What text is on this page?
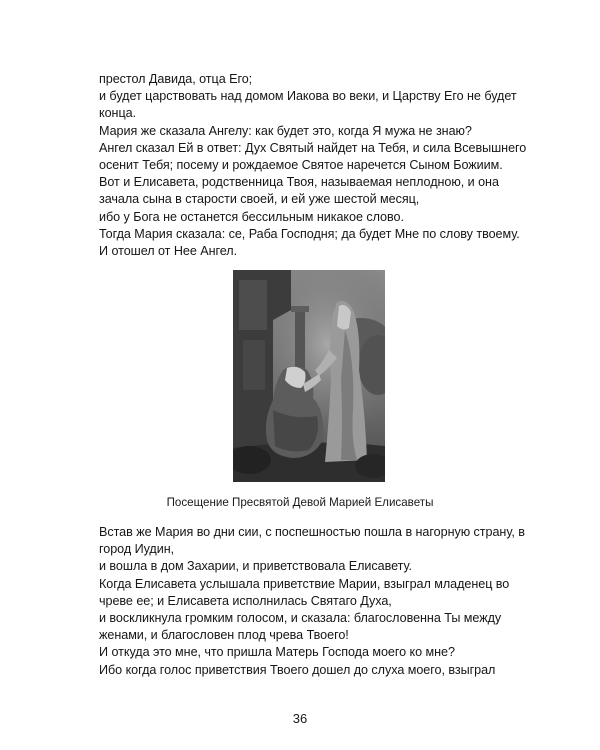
престол Давида, отца Его;
и будет царствовать над домом Иакова во веки, и Царству Его не будет
конца.
Мария же сказала Ангелу: как будет это, когда Я мужа не знаю?
Ангел сказал Ей в ответ: Дух Святый найдет на Тебя, и сила Всевышнего
осенит Тебя; посему и рождаемое Святое наречется Сыном Божиим.
Вот и Елисавета, родственница Твоя, называемая неплодною, и она
зачала сына в старости своей, и ей уже шестой месяц,
ибо у Бога не останется бессильным никакое слово.
Тогда Мария сказала: се, Раба Господня; да будет Мне по слову твоему.
И отошел от Нее Ангел.
Посещение Пресвятой Девой Марией Елисаветы
Встав же Мария во дни сии, с поспешностью пошла в нагорную страну, в
город Иудин,
и вошла в дом Захарии, и приветствовала Елисавету.
Когда Елисавета услышала приветствие Марии, взыграл младенец во
чреве ее; и Елисавета исполнилась Святаго Духа,
и воскликнула громким голосом, и сказала: благословенна Ты между
женами, и благословен плод чрева Твоего!
И откуда это мне, что пришла Матерь Господа моего ко мне?
Ибо когда голос приветствия Твоего дошел до слуха моего, взыграл
36
